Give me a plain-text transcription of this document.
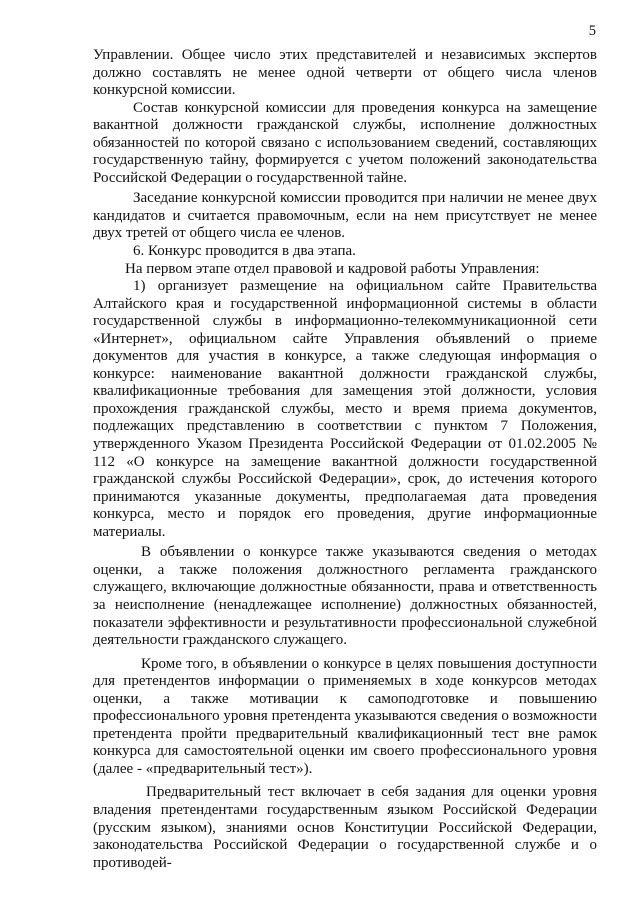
5

Управлении. Общее число этих представителей и независимых экспертов должно составлять не менее одной четверти от общего числа членов конкурсной комиссии.

Состав конкурсной комиссии для проведения конкурса на замещение вакантной должности гражданской службы, исполнение должностных обязанностей по которой связано с использованием сведений, составляющих государственную тайну, формируется с учетом положений законодательства Российской Федерации о государственной тайне.

Заседание конкурсной комиссии проводится при наличии не менее двух кандидатов и считается правомочным, если на нем присутствует не менее двух третей от общего числа ее членов.

6. Конкурс проводится в два этапа.

На первом этапе отдел правовой и кадровой работы Управления:

1) организует размещение на официальном сайте Правительства Алтайского края и государственной информационной системы в области государственной службы в информационно-телекоммуникационной сети «Интернет», официальном сайте Управления объявлений о приеме документов для участия в конкурсе, а также следующая информация о конкурсе: наименование вакантной должности гражданской службы, квалификационные требования для замещения этой должности, условия прохождения гражданской службы, место и время приема документов, подлежащих представлению в соответствии с пунктом 7 Положения, утвержденного Указом Президента Российской Федерации от 01.02.2005 № 112 «О конкурсе на замещение вакантной должности государственной гражданской службы Российской Федерации», срок, до истечения которого принимаются указанные документы, предполагаемая дата проведения конкурса, место и порядок его проведения, другие информационные материалы.

В объявлении о конкурсе также указываются сведения о методах оценки, а также положения должностного регламента гражданского служащего, включающие должностные обязанности, права и ответственность за неисполнение (ненадлежащее исполнение) должностных обязанностей, показатели эффективности и результативности профессиональной служебной деятельности гражданского служащего.

Кроме того, в объявлении о конкурсе в целях повышения доступности для претендентов информации о применяемых в ходе конкурсов методах оценки, а также мотивации к самоподготовке и повышению профессионального уровня претендента указываются сведения о возможности претендента пройти предварительный квалификационный тест вне рамок конкурса для самостоятельной оценки им своего профессионального уровня (далее - «предварительный тест»).

Предварительный тест включает в себя задания для оценки уровня владения претендентами государственным языком Российской Федерации (русским языком), знаниями основ Конституции Российской Федерации, законодательства Российской Федерации о государственной службе и о противодей-
